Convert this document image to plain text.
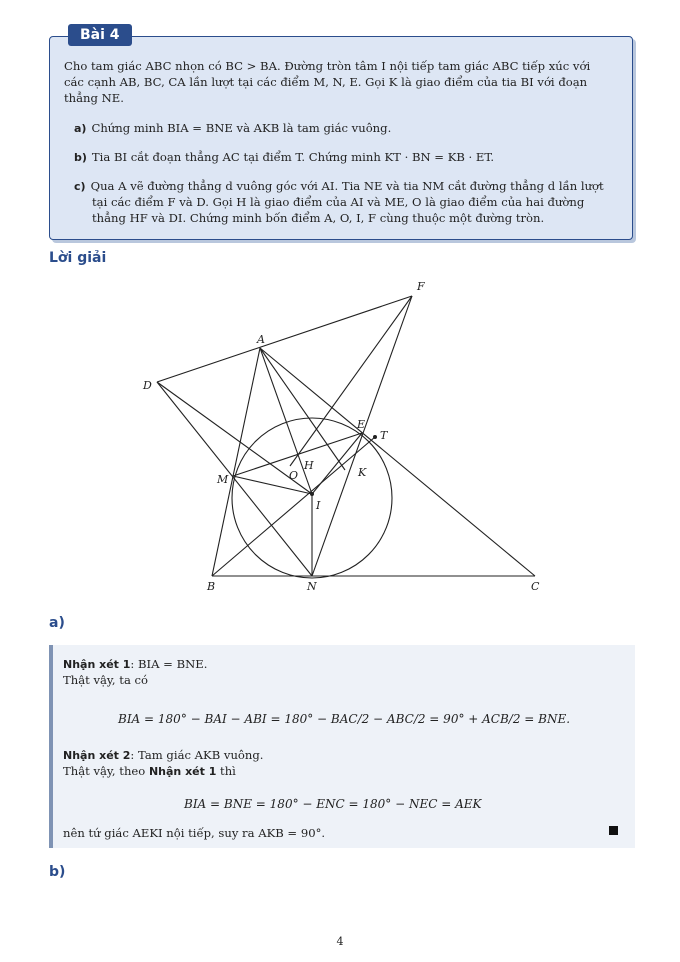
Bài 4
Cho tam giác ABC nhọn có BC > BA. Đường tròn tâm I nội tiếp tam giác ABC tiếp xúc với
các cạnh AB, BC, CA lần lượt tại các điểm M, N, E. Gọi K là giao điểm của tia BI với đoạn
thẳng NE.
a) Chứng minh BIA = BNE và AKB là tam giác vuông.
b) Tia BI cắt đoạn thẳng AC tại điểm T. Chứng minh KT · BN = KB · ET.
c) Qua A vẽ đường thẳng d vuông góc với AI. Tia NE và tia NM cắt đường thẳng d lần lượt
tại các điểm F và D. Gọi H là giao điểm của AI và ME, O là giao điểm của hai đường
thẳng HF và DI. Chứng minh bốn điểm A, O, I, F cùng thuộc một đường tròn.
Lời giải
F
A
D
E
T
H
K
M	O
I
B	N	C
a)
Nhận xét 1: BIA = BNE.
Thật vậy, ta có
BIA = 180° − BAI − ABI = 180° − BAC/2 − ABC/2 = 90° + ACB/2 = BNE.
Nhận xét 2: Tam giác AKB vuông.
Thật vậy, theo Nhận xét 1 thì
BIA = BNE = 180° − ENC = 180° − NEC = AEK
nên tứ giác AEKI nội tiếp, suy ra AKB = 90°.
b)
4
